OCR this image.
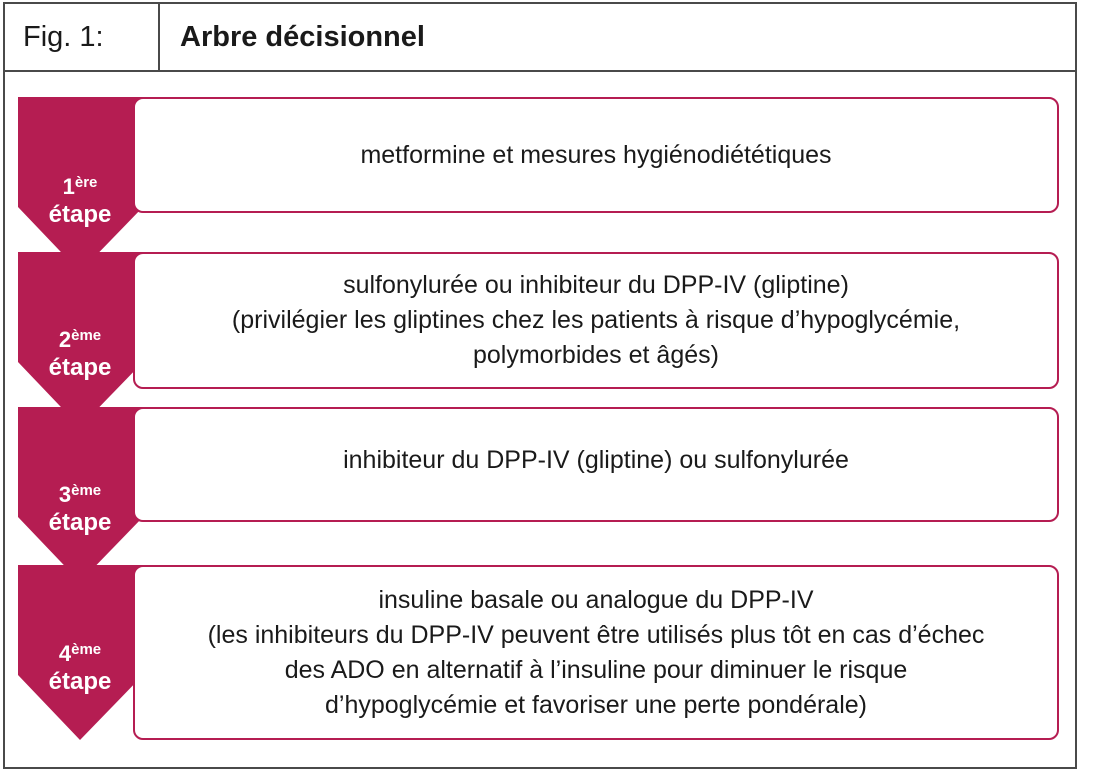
Fig. 1:	Arbre décisionnel
1ère
étape
metformine et mesures hygiénodiététiques
2ème
étape
sulfonylurée ou inhibiteur du DPP-IV (gliptine)
(privilégier les gliptines chez les patients à risque d’hypoglycémie,
polymorbides et âgés)
3ème
étape
inhibiteur du DPP-IV (gliptine) ou sulfonylurée
4ème
étape
insuline basale ou analogue du DPP-IV
(les inhibiteurs du DPP-IV peuvent être utilisés plus tôt en cas d’échec
des ADO en alternatif à l’insuline pour diminuer le risque
d’hypoglycémie et favoriser une perte pondérale)
